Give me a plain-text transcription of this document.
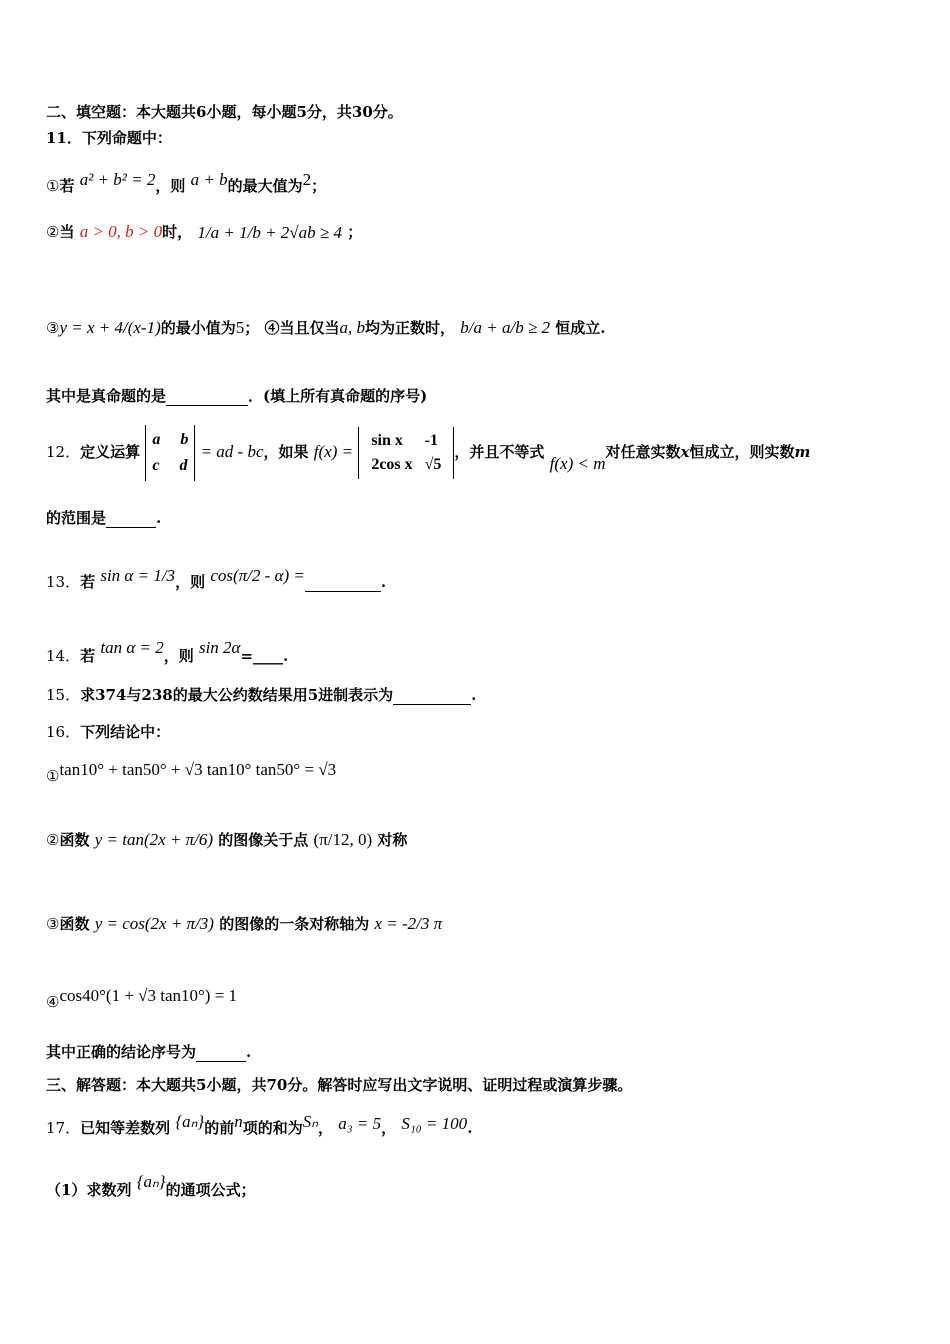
二、填空题：本大题共6小题，每小题5分，共30分。
11．下列命题中：
①若 a² + b² = 2，则 a + b的最大值为2；
②当 a > 0, b > 0时， 1/a + 1/b + 2√ab ≥ 4 ；
③y = x + 4/(x-1)的最小值为5； ④当且仅当a, b均为正数时， b/a + a/b ≥ 2 恒成立.
其中是真命题的是	．(填上所有真命题的序号)
12．定义运算 a     b
c     d = ad - bc，如果 f(x) =
sin x	-1
2cos x	√5
，并且不等式 f(x) < m对任意实数x恒成立，则实数m
的范围是	.
13．若 sin α = 1/3，则 cos(π/2 - α) =	.
14．若 tan α = 2，则 sin 2α=____.
15．求374与238的最大公约数结果用5进制表示为	.
16．下列结论中：
①tan10° + tan50° + √3 tan10° tan50° = √3
②函数 y = tan(2x + π/6) 的图像关于点 (π/12, 0) 对称
③函数 y = cos(2x + π/3) 的图像的一条对称轴为 x = -2/3 π
④cos40°(1 + √3 tan10°) = 1
其中正确的结论序号为	.
三、解答题：本大题共5小题，共70分。解答时应写出文字说明、证明过程或演算步骤。
17．已知等差数列 {aₙ}的前n项的和为Sₙ， a₃ = 5， S₁₀ = 100.
（1）求数列 {aₙ}的通项公式；
